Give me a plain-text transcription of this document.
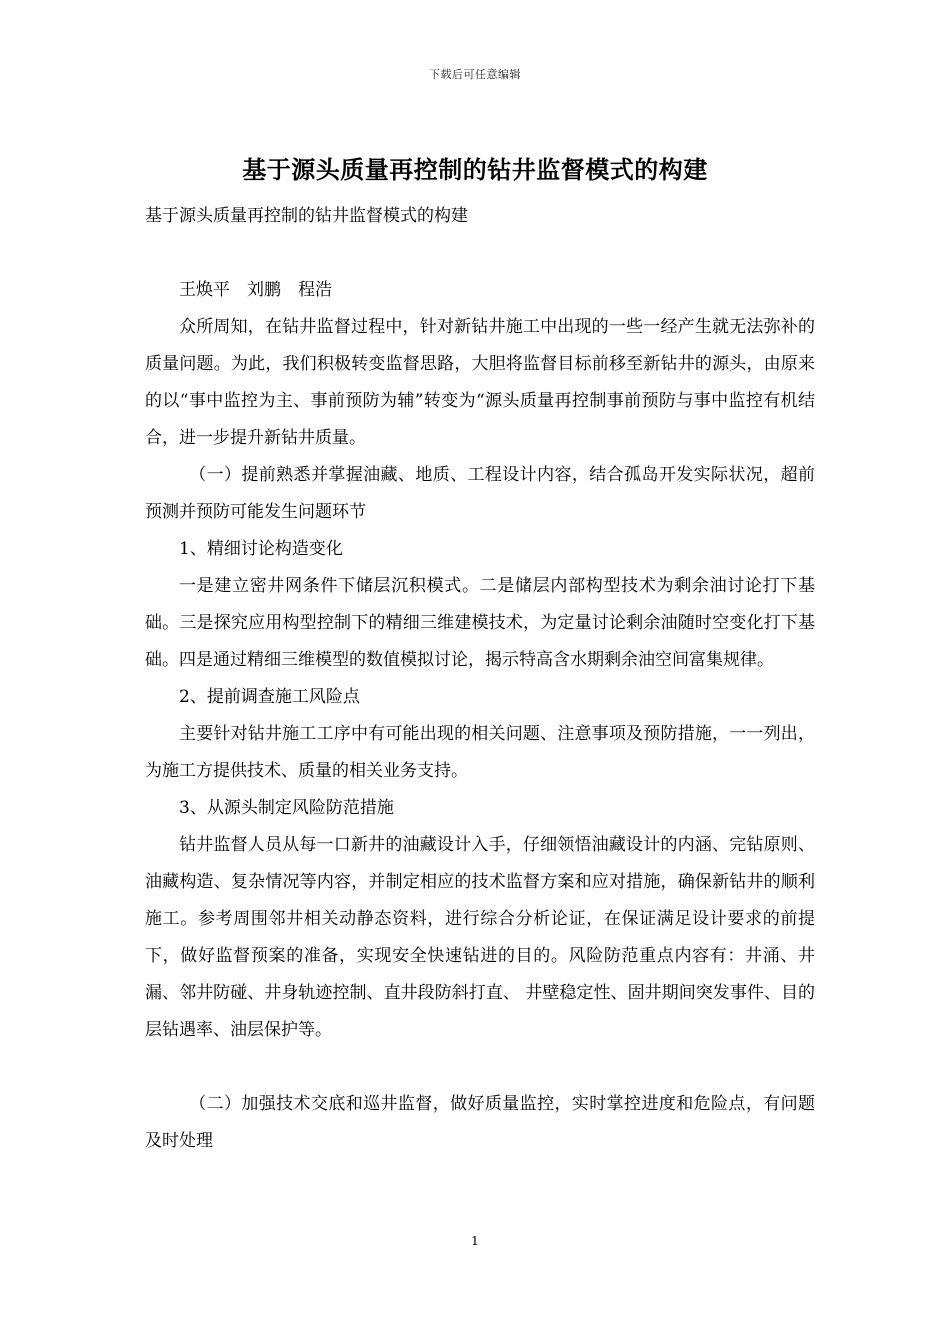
下载后可任意编辑
基于源头质量再控制的钻井监督模式的构建
基于源头质量再控制的钻井监督模式的构建

王焕平　刘鹏　程浩

众所周知，在钻井监督过程中，针对新钻井施工中出现的一些一经产生就无法弥补的质量问题。为此，我们积极转变监督思路，大胆将监督目标前移至新钻井的源头，由原来的以“事中监控为主、事前预防为辅”转变为“源头质量再控制事前预防与事中监控有机结合，进一步提升新钻井质量。

（一）提前熟悉并掌握油藏、地质、工程设计内容，结合孤岛开发实际状况，超前预测并预防可能发生问题环节

1、精细讨论构造变化

一是建立密井网条件下储层沉积模式。二是储层内部构型技术为剩余油讨论打下基础。三是探究应用构型控制下的精细三维建模技术，为定量讨论剩余油随时空变化打下基础。四是通过精细三维模型的数值模拟讨论，揭示特高含水期剩余油空间富集规律。

2、提前调查施工风险点

主要针对钻井施工工序中有可能出现的相关问题、注意事项及预防措施，一一列出，为施工方提供技术、质量的相关业务支持。

3、从源头制定风险防范措施

钻井监督人员从每一口新井的油藏设计入手，仔细领悟油藏设计的内涵、完钻原则、油藏构造、复杂情况等内容，并制定相应的技术监督方案和应对措施，确保新钻井的顺利施工。参考周围邻井相关动静态资料，进行综合分析论证，在保证满足设计要求的前提下，做好监督预案的准备，实现安全快速钻进的目的。风险防范重点内容有：井涌、井漏、邻井防碰、井身轨迹控制、直井段防斜打直、 井壁稳定性、固井期间突发事件、目的层钻遇率、油层保护等。

（二）加强技术交底和巡井监督，做好质量监控，实时掌控进度和危险点，有问题及时处理

1
